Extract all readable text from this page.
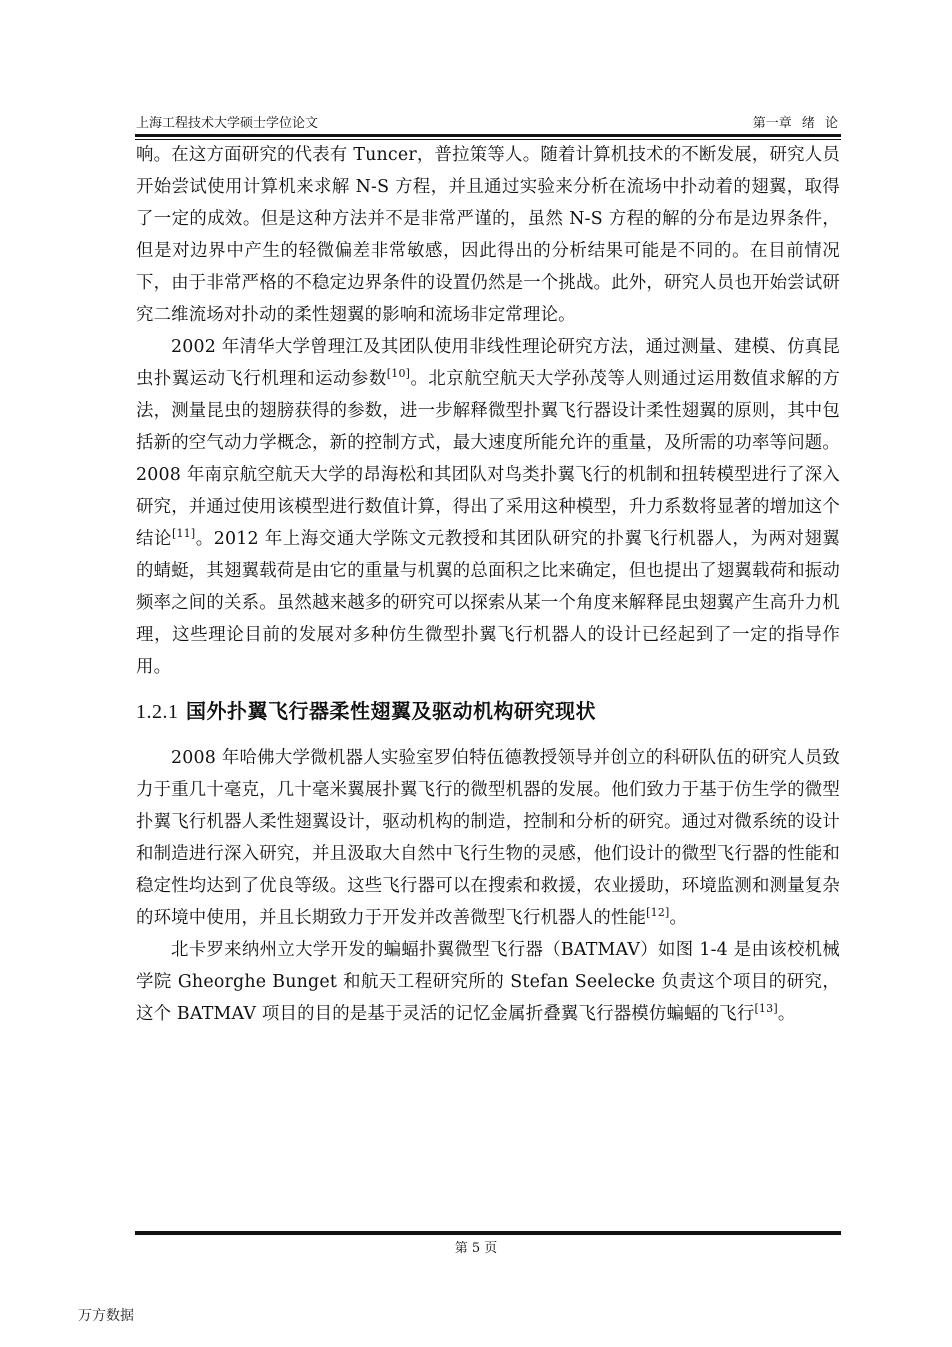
上海工程技术大学硕士学位论文	第一章 绪 论

响。在这方面研究的代表有 Tuncer，普拉策等人。随着计算机技术的不断发展，研究人员开始尝试使用计算机来求解 N-S 方程，并且通过实验来分析在流场中扑动着的翅翼，取得了一定的成效。但是这种方法并不是非常严谨的，虽然 N-S 方程的解的分布是边界条件，但是对边界中产生的轻微偏差非常敏感，因此得出的分析结果可能是不同的。在目前情况下，由于非常严格的不稳定边界条件的设置仍然是一个挑战。此外，研究人员也开始尝试研究二维流场对扑动的柔性翅翼的影响和流场非定常理论。

2002 年清华大学曾理江及其团队使用非线性理论研究方法，通过测量、建模、仿真昆虫扑翼运动飞行机理和运动参数[10]。北京航空航天大学孙茂等人则通过运用数值求解的方法，测量昆虫的翅膀获得的参数，进一步解释微型扑翼飞行器设计柔性翅翼的原则，其中包括新的空气动力学概念，新的控制方式，最大速度所能允许的重量，及所需的功率等问题。2008 年南京航空航天大学的昂海松和其团队对鸟类扑翼飞行的机制和扭转模型进行了深入研究，并通过使用该模型进行数值计算，得出了采用这种模型，升力系数将显著的增加这个结论[11]。2012 年上海交通大学陈文元教授和其团队研究的扑翼飞行机器人，为两对翅翼的蜻蜓，其翅翼载荷是由它的重量与机翼的总面积之比来确定，但也提出了翅翼载荷和振动频率之间的关系。虽然越来越多的研究可以探索从某一个角度来解释昆虫翅翼产生高升力机理，这些理论目前的发展对多种仿生微型扑翼飞行机器人的设计已经起到了一定的指导作用。

1.2.1 国外扑翼飞行器柔性翅翼及驱动机构研究现状

2008 年哈佛大学微机器人实验室罗伯特伍德教授领导并创立的科研队伍的研究人员致力于重几十毫克，几十毫米翼展扑翼飞行的微型机器的发展。他们致力于基于仿生学的微型扑翼飞行机器人柔性翅翼设计，驱动机构的制造，控制和分析的研究。通过对微系统的设计和制造进行深入研究，并且汲取大自然中飞行生物的灵感，他们设计的微型飞行器的性能和稳定性均达到了优良等级。这些飞行器可以在搜索和救援，农业援助，环境监测和测量复杂的环境中使用，并且长期致力于开发并改善微型飞行机器人的性能[12]。

北卡罗来纳州立大学开发的蝙蝠扑翼微型飞行器（BATMAV）如图 1-4 是由该校机械学院 Gheorghe Bunget 和航天工程研究所的 Stefan Seelecke 负责这个项目的研究，这个 BATMAV 项目的目的是基于灵活的记忆金属折叠翼飞行器模仿蝙蝠的飞行[13]。

第 5 页
万方数据
